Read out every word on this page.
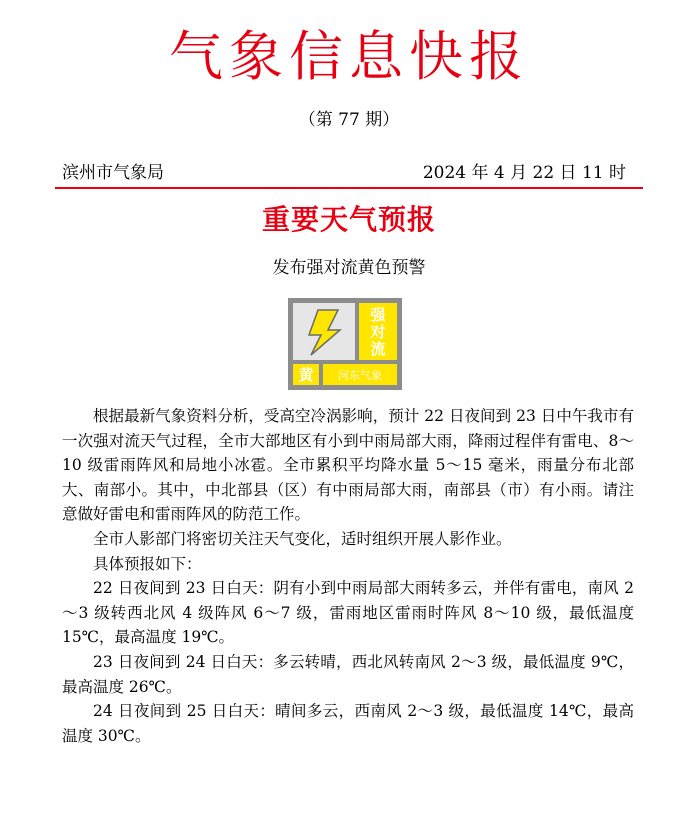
气象信息快报
（第 77 期）
滨州市气象局	2024 年 4 月 22 日 11 时
重要天气预报
发布强对流黄色预警
强
对
流
黄 河东气象

根据最新气象资料分析，受高空冷涡影响，预计 22 日夜间到 23 日中午我市有一次强对流天气过程，全市大部地区有小到中雨局部大雨，降雨过程伴有雷电、8～10 级雷雨阵风和局地小冰雹。全市累积平均降水量 5～15 毫米，雨量分布北部大、南部小。其中，中北部县（区）有中雨局部大雨，南部县（市）有小雨。请注意做好雷电和雷雨阵风的防范工作。

全市人影部门将密切关注天气变化，适时组织开展人影作业。

具体预报如下：

22 日夜间到 23 日白天：阴有小到中雨局部大雨转多云，并伴有雷电，南风 2～3 级转西北风 4 级阵风 6～7 级，雷雨地区雷雨时阵风 8～10 级，最低温度 15℃，最高温度 19℃。

23 日夜间到 24 日白天：多云转晴，西北风转南风 2～3 级，最低温度 9℃，最高温度 26℃。

24 日夜间到 25 日白天：晴间多云，西南风 2～3 级，最低温度 14℃，最高温度 30℃。
